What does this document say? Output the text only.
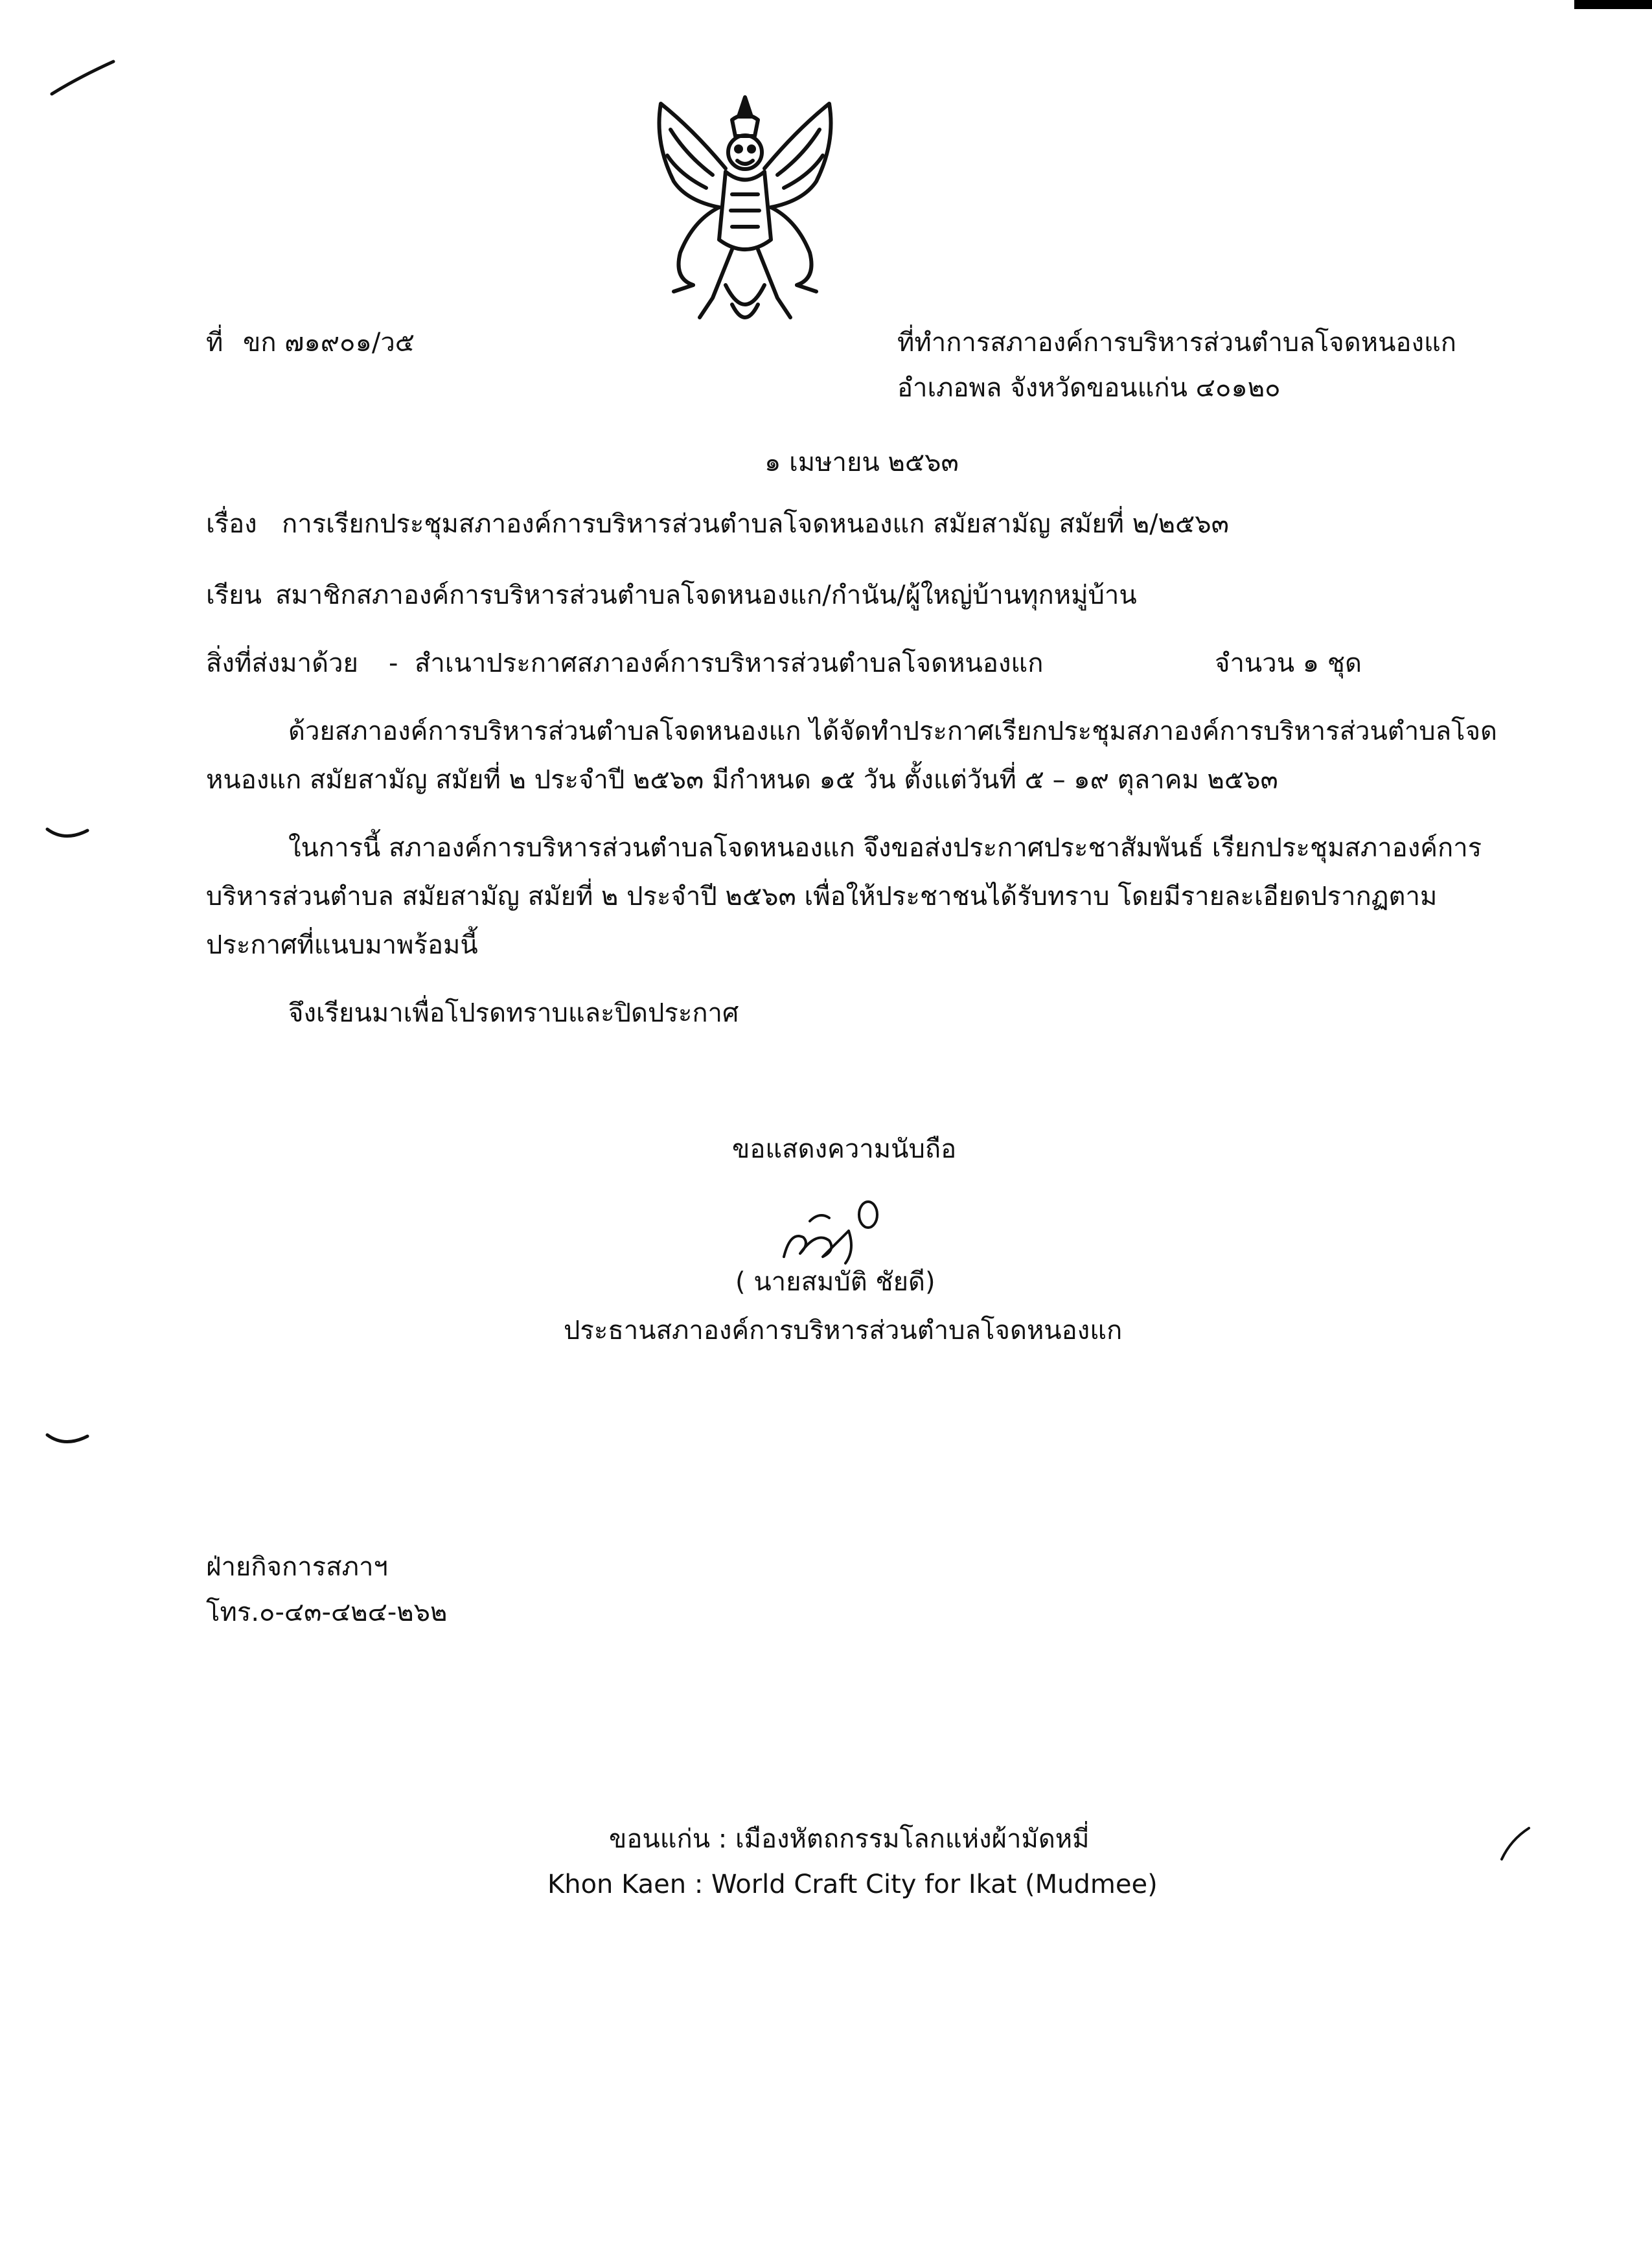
ที่ ขก ๗๑๙๐๑/ว๕	ที่ทำการสภาองค์การบริหารส่วนตำบลโจดหนองแก
อำเภอพล จังหวัดขอนแก่น ๔๐๑๒๐
๑ เมษายน ๒๕๖๓
เรื่อง การเรียกประชุมสภาองค์การบริหารส่วนตำบลโจดหนองแก สมัยสามัญ สมัยที่ ๒/๒๕๖๓
เรียน สมาชิกสภาองค์การบริหารส่วนตำบลโจดหนองแก/กำนัน/ผู้ใหญ่บ้านทุกหมู่บ้าน
สิ่งที่ส่งมาด้วย - สำเนาประกาศสภาองค์การบริหารส่วนตำบลโจดหนองแก	จำนวน ๑ ชุด
ด้วยสภาองค์การบริหารส่วนตำบลโจดหนองแก ได้จัดทำประกาศเรียกประชุมสภาองค์การบริหารส่วนตำบลโจด
หนองแก สมัยสามัญ สมัยที่ ๒ ประจำปี ๒๕๖๓ มีกำหนด ๑๕ วัน ตั้งแต่วันที่ ๕ – ๑๙ ตุลาคม ๒๕๖๓
ในการนี้ สภาองค์การบริหารส่วนตำบลโจดหนองแก จึงขอส่งประกาศประชาสัมพันธ์ เรียกประชุมสภาองค์การ
บริหารส่วนตำบล สมัยสามัญ สมัยที่ ๒ ประจำปี ๒๕๖๓ เพื่อให้ประชาชนได้รับทราบ โดยมีรายละเอียดปรากฏตาม
ประกาศที่แนบมาพร้อมนี้
จึงเรียนมาเพื่อโปรดทราบและปิดประกาศ
ขอแสดงความนับถือ
( นายสมบัติ ชัยดี)
ประธานสภาองค์การบริหารส่วนตำบลโจดหนองแก
ฝ่ายกิจการสภาฯ
โทร.๐-๔๓-๔๒๔-๒๖๒
ขอนแก่น : เมืองหัตถกรรมโลกแห่งผ้ามัดหมี่
Khon Kaen : World Craft City for Ikat (Mudmee)
